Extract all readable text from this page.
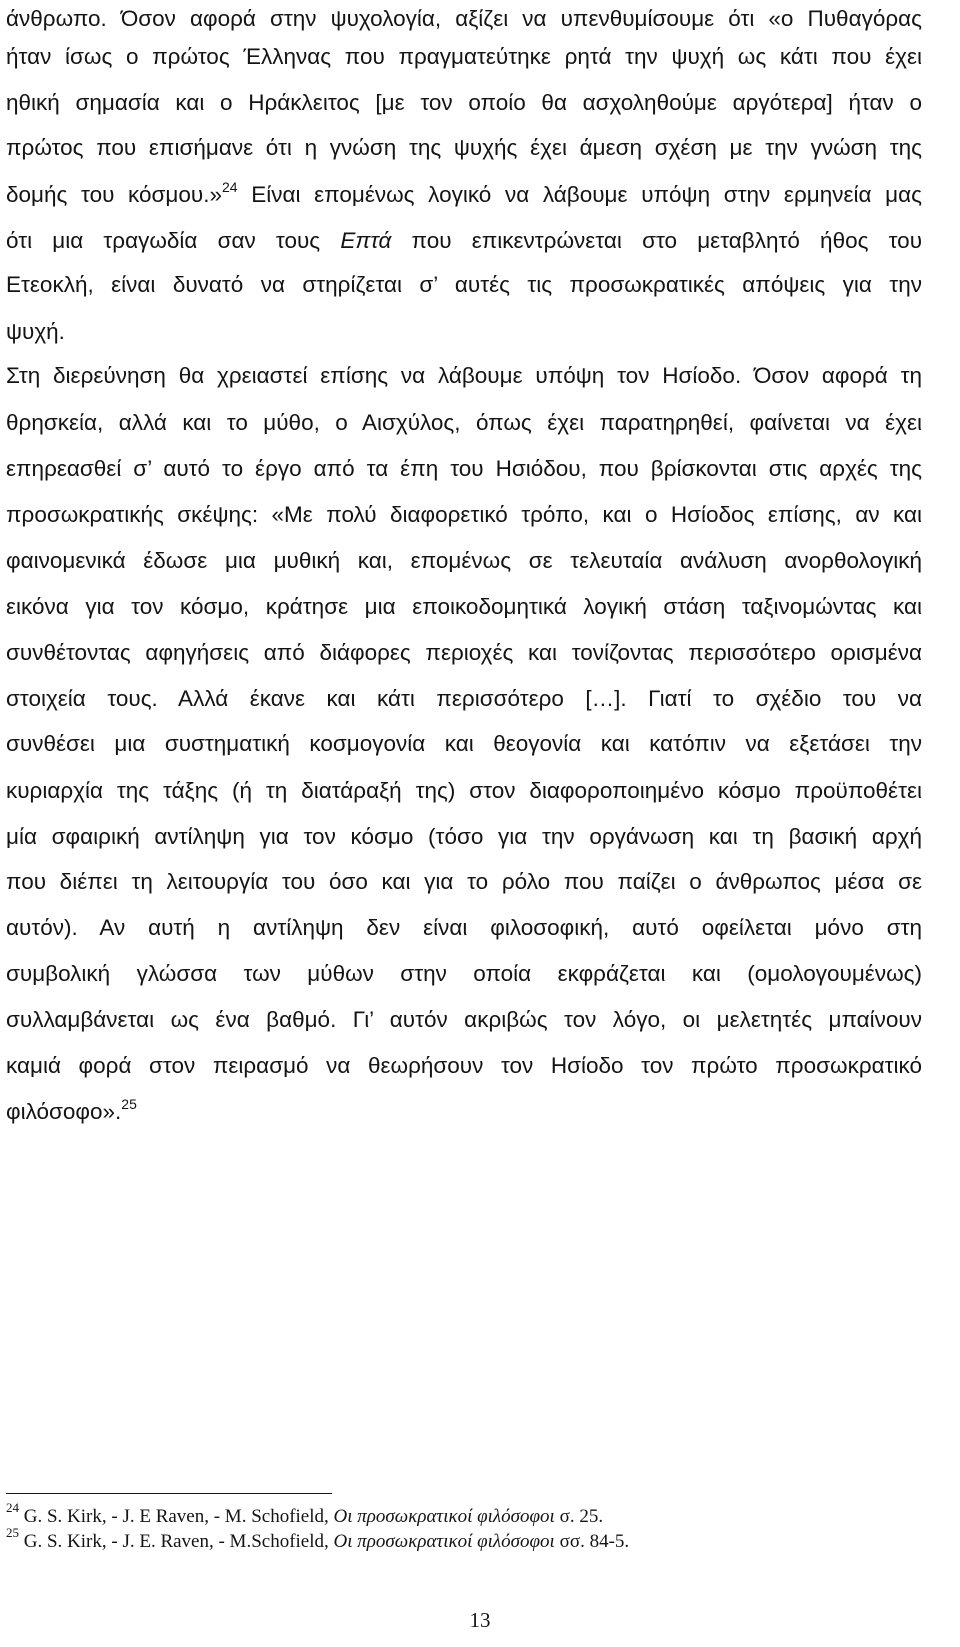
άνθρωπο. Όσον αφορά στην ψυχολογία, αξίζει να υπενθυμίσουμε ότι «ο Πυθαγόρας
ήταν ίσως ο πρώτος Έλληνας που πραγματεύτηκε ρητά την ψυχή ως κάτι που έχει
ηθική σημασία και ο Ηράκλειτος [με τον οποίο θα ασχοληθούμε αργότερα] ήταν ο
πρώτος που επισήμανε ότι η γνώση της ψυχής έχει άμεση σχέση με την γνώση της
δομής του κόσμου.»$^{24}$ Είναι επομένως λογικό να λάβουμε υπόψη στην ερμηνεία μας
ότι μια τραγωδία σαν τους Επτά που επικεντρώνεται στο μεταβλητό ήθος του
Ετεοκλή, είναι δυνατό να στηρίζεται σ’ αυτές τις προσωκρατικές απόψεις για την
ψυχή.
Στη διερεύνηση θα χρειαστεί επίσης να λάβουμε υπόψη τον Ησίοδο. Όσον αφορά τη
θρησκεία, αλλά και το μύθο, ο Αισχύλος, όπως έχει παρατηρηθεί, φαίνεται να έχει
επηρεασθεί σ’ αυτό το έργο από τα έπη του Ησιόδου, που βρίσκονται στις αρχές της
προσωκρατικής σκέψης: «Με πολύ διαφορετικό τρόπο, και ο Ησίοδος επίσης, αν και
φαινομενικά έδωσε μια μυθική και, επομένως σε τελευταία ανάλυση ανορθολογική
εικόνα για τον κόσμο, κράτησε μια εποικοδομητικά λογική στάση ταξινομώντας και
συνθέτοντας αφηγήσεις από διάφορες περιοχές και τονίζοντας περισσότερο ορισμένα
στοιχεία τους. Αλλά έκανε και κάτι περισσότερο […]. Γιατί το σχέδιο του να
συνθέσει μια συστηματική κοσμογονία και θεογονία και κατόπιν να εξετάσει την
κυριαρχία της τάξης (ή τη διατάραξή της) στον διαφοροποιημένο κόσμο προϋποθέτει
μία σφαιρική αντίληψη για τον κόσμο (τόσο για την οργάνωση και τη βασική αρχή
που διέπει τη λειτουργία του όσο και για το ρόλο που παίζει ο άνθρωπος μέσα σε
αυτόν). Αν αυτή η αντίληψη δεν είναι φιλοσοφική, αυτό οφείλεται μόνο στη
συμβολική γλώσσα των μύθων στην οποία εκφράζεται και (ομολογουμένως)
συλλαμβάνεται ως ένα βαθμό. Γι’ αυτόν ακριβώς τον λόγο, οι μελετητές μπαίνουν
καμιά φορά στον πειρασμό να θεωρήσουν τον Ησίοδο τον πρώτο προσωκρατικό
φιλόσοφο».$^{25}$
$^{24}$ G. S. Kirk, - J. E Raven, - M. Schofield, Οι προσωκρατικοί φιλόσοφοι σ. 25.
$^{25}$ G. S. Kirk, - J. E. Raven, - M.Schofield, Οι προσωκρατικοί φιλόσοφοι σσ. 84-5.
13
